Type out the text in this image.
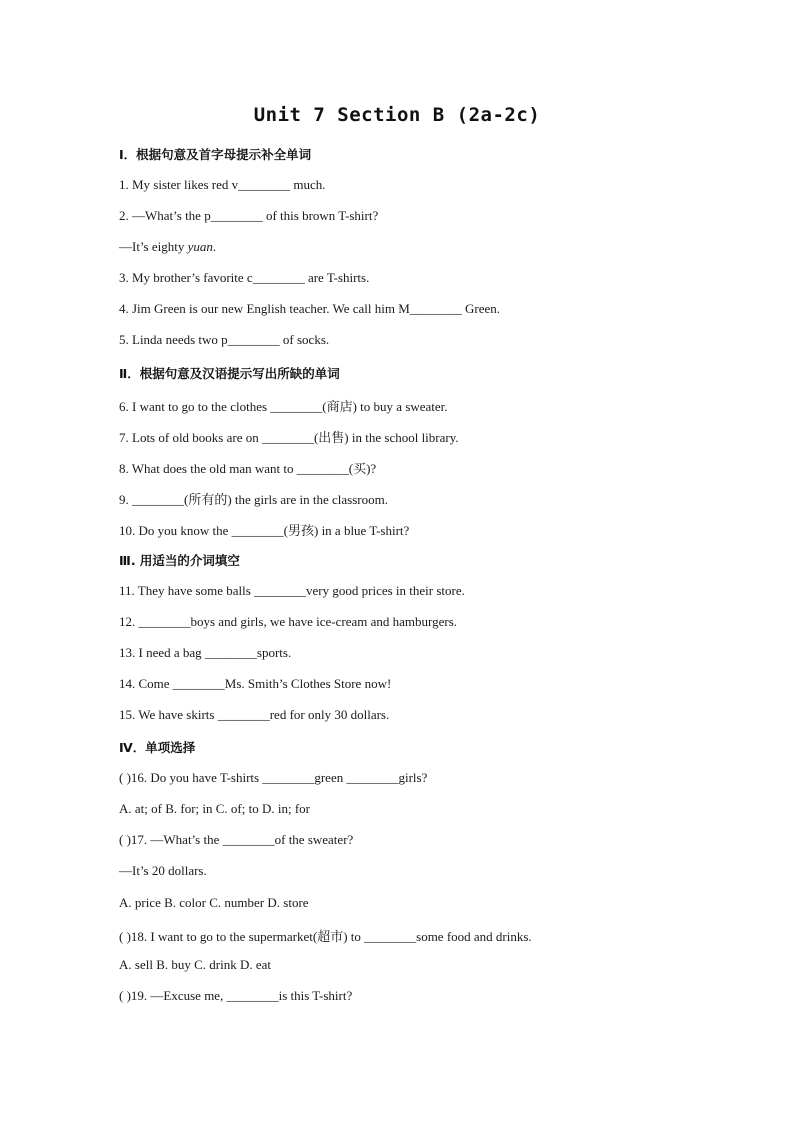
Unit 7 Section B (2a-2c)
Ⅰ．根据句意及首字母提示补全单词
1. My sister likes red v________ much.
2. —What’s the p________ of this brown T-shirt?
—It’s eighty yuan.
3. My brother’s favorite c________ are T-shirts.
4. Jim Green is our new English teacher. We call him M________ Green.
5. Linda needs two p________ of socks.
Ⅱ．根据句意及汉语提示写出所缺的单词
6. I want to go to the clothes ________(商店) to buy a sweater.
7. Lots of old books are on ________(出售) in the school library.
8. What does the old man want to ________(买)?
9. ________(所有的) the girls are in the classroom.
10. Do you know the ________(男孩) in a blue T-shirt?
Ⅲ. 用适当的介词填空
11. They have some balls ________very good prices in their store.
12. ________boys and girls, we have ice-cream and hamburgers.
13. I need a bag ________sports.
14. Come ________Ms. Smith’s Clothes Store now!
15. We have skirts ________red for only 30 dollars.
Ⅳ．单项选择
( )16. Do you have T-shirts ________green ________girls?
A. at; of B. for; in C. of; to D. in; for
( )17. —What’s the ________of the sweater?
—It’s 20 dollars.
A. price B. color C. number D. store
( )18. I want to go to the supermarket(超市) to ________some food and drinks.
A. sell B. buy C. drink D. eat
( )19. —Excuse me, ________is this T-shirt?
